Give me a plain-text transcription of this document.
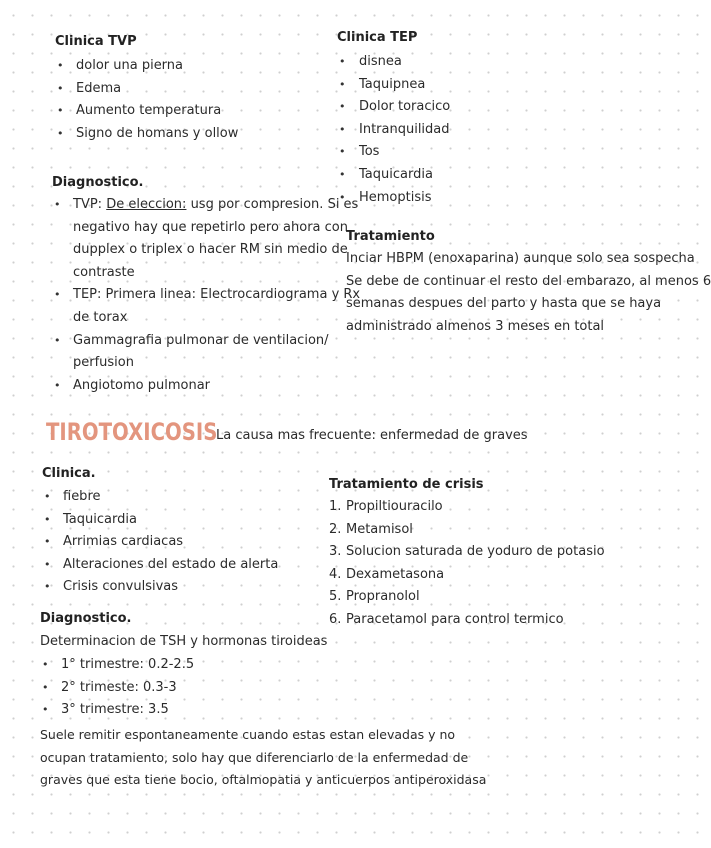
Clinica TVP
• dolor una pierna
• Edema
• Aumento temperatura
• Signo de homans y ollow
Clinica TEP
• disnea
• Taquipnea
• Dolor toracico
• Intranquilidad
• Tos
• Taquicardia
• Hemoptisis
Diagnostico.
• TVP: De eleccion: usg por compresion. Si es
negativo hay que repetirlo pero ahora con
dupplex o triplex o hacer RM sin medio de
contraste
• TEP: Primera linea: Electrocardiograma y Rx
de torax
• Gammagrafia pulmonar de ventilacion/
perfusion
• Angiotomo pulmonar
Tratamiento
Inciar HBPM (enoxaparina) aunque solo sea sospecha
Se debe de continuar el resto del embarazo, al menos 6
semanas despues del parto y hasta que se haya
administrado almenos 3 meses en total
TIROTOXICOSIS
La causa mas frecuente: enfermedad de graves
Clinica.
• fiebre
• Taquicardia
• Arrimias cardiacas
• Alteraciones del estado de alerta
• Crisis convulsivas
Tratamiento de crisis
1. Propiltiouracilo
2. Metamisol
3. Solucion saturada de yoduro de potasio
4. Dexametasona
5. Propranolol
6. Paracetamol para control termico
Diagnostico.
Determinacion de TSH y hormonas tiroideas
• 1° trimestre: 0.2-2.5
• 2° trimeste: 0.3-3
• 3° trimestre: 3.5
Suele remitir espontaneamente cuando estas estan elevadas y no
ocupan tratamiento, solo hay que diferenciarlo de la enfermedad de
graves que esta tiene bocio, oftalmopatia y anticuerpos antiperoxidasa
